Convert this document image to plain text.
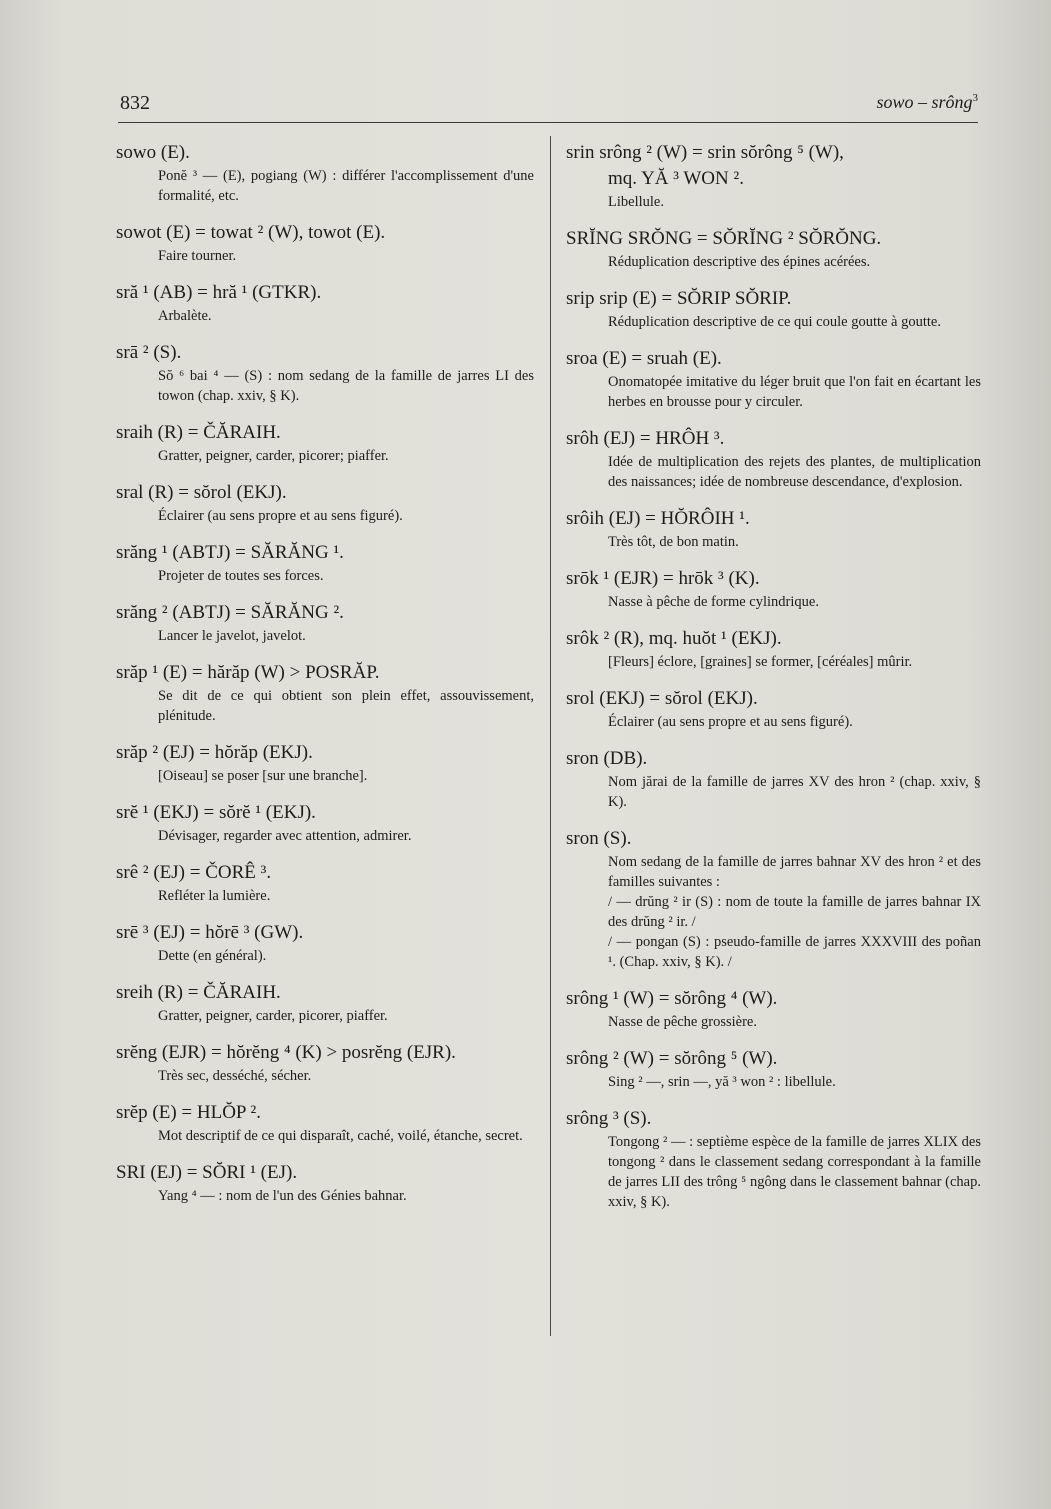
832	sowo – srông$^3$
sowo (E).
Ponĕ ³ — (E), pogiang (W) : différer l'accomplissement d'une formalité, etc.
sowot (E) = towat ² (W), towot (E).
Faire tourner.
sră ¹ (AB) = hră ¹ (GTKR).
Arbalète.
srā ² (S).
Sŏ ⁶ bai ⁴ — (S) : nom sedang de la famille de jarres LI des towon (chap. xxiv, § K).
sraih (R) = ČĂRAIH.
Gratter, peigner, carder, picorer; piaffer.
sral (R) = sŏrol (EKJ).
Éclairer (au sens propre et au sens figuré).
srăng ¹ (ABTJ) = SĂRĂNG ¹.
Projeter de toutes ses forces.
srăng ² (ABTJ) = SĂRĂNG ².
Lancer le javelot, javelot.
srăp ¹ (E) = hărăp (W) > POSRĂP.
Se dit de ce qui obtient son plein effet, assouvissement, plénitude.
srăp ² (EJ) = hŏrăp (EKJ).
[Oiseau] se poser [sur une branche].
srĕ ¹ (EKJ) = sŏrĕ ¹ (EKJ).
Dévisager, regarder avec attention, admirer.
srê ² (EJ) = ČORÊ ³.
Refléter la lumière.
srē ³ (EJ) = hŏrē ³ (GW).
Dette (en général).
sreih (R) = ČĂRAIH.
Gratter, peigner, carder, picorer, piaffer.
srĕng (EJR) = hŏrĕng ⁴ (K) > posrĕng (EJR).
Très sec, desséché, sécher.
srĕp (E) = HLŎP ².
Mot descriptif de ce qui disparaît, caché, voilé, étanche, secret.
SRI (EJ) = SŎRI ¹ (EJ).
Yang ⁴ — : nom de l'un des Génies bahnar.
srin srông ² (W) = srin sŏrông ⁵ (W),
mq. YĂ ³ WON ².
Libellule.
SRĬNG SRŎNG = SŎRĬNG ² SŎRŎNG.
Réduplication descriptive des épines acérées.
srip srip (E) = SŎRIP SŎRIP.
Réduplication descriptive de ce qui coule goutte à goutte.
sroa (E) = sruah (E).
Onomatopée imitative du léger bruit que l'on fait en écartant les herbes en brousse pour y circuler.
srôh (EJ) = HRÔH ³.
Idée de multiplication des rejets des plantes, de multiplication des naissances; idée de nombreuse descendance, d'explosion.
srôih (EJ) = HŎRÔIH ¹.
Très tôt, de bon matin.
srōk ¹ (EJR) = hrōk ³ (K).
Nasse à pêche de forme cylindrique.
srôk ² (R), mq. huŏt ¹ (EKJ).
[Fleurs] éclore, [graines] se former, [céréales] mûrir.
srol (EKJ) = sŏrol (EKJ).
Éclairer (au sens propre et au sens figuré).
sron (DB).
Nom jărai de la famille de jarres XV des hron ² (chap. xxiv, § K).
sron (S).
Nom sedang de la famille de jarres bahnar XV des hron ² et des familles suivantes :
/ — drŭng ² ir (S) : nom de toute la famille de jarres bahnar IX des drŭng ² ir. /
/ — pongan (S) : pseudo-famille de jarres XXXVIII des poñan ¹. (Chap. xxiv, § K). /
srông ¹ (W) = sŏrông ⁴ (W).
Nasse de pêche grossière.
srông ² (W) = sŏrông ⁵ (W).
Sing ² —, srin —, yă ³ won ² : libellule.
srông ³ (S).
Tongong ² — : septième espèce de la famille de jarres XLIX des tongong ² dans le classement sedang correspondant à la famille de jarres LII des trông ⁵ ngông dans le classement bahnar (chap. xxiv, § K).
